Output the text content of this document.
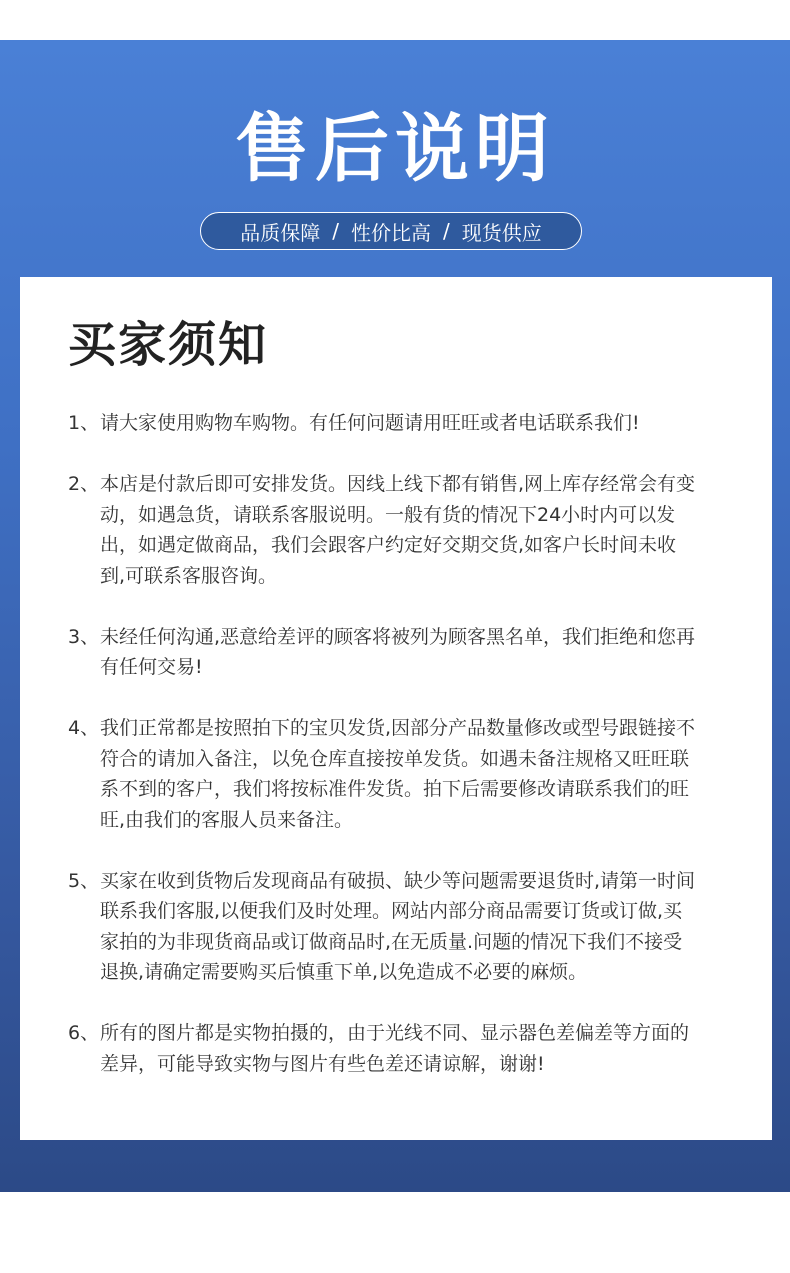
售后说明
品质保障 / 性价比高 / 现货供应
买家须知
1、 请大家使用购物车购物。有任何问题请用旺旺或者电话联系我们!
2、 本店是付款后即可安排发货。因线上线下都有销售,网上库存经常会有变动，如遇急货，请联系客服说明。一般有货的情况下24小时内可以发出，如遇定做商品，我们会跟客户约定好交期交货,如客户长时间未收到,可联系客服咨询。
3、 未经任何沟通,恶意给差评的顾客将被列为顾客黑名单，我们拒绝和您再有任何交易!
4、 我们正常都是按照拍下的宝贝发货,因部分产品数量修改或型号跟链接不符合的请加入备注，以免仓库直接按单发货。如遇未备注规格又旺旺联系不到的客户，我们将按标准件发货。拍下后需要修改请联系我们的旺旺,由我们的客服人员来备注。
5、 买家在收到货物后发现商品有破损、缺少等问题需要退货时,请第一时间联系我们客服,以便我们及时处理。网站内部分商品需要订货或订做,买家拍的为非现货商品或订做商品时,在无质量.问题的情况下我们不接受退换,请确定需要购买后慎重下单,以免造成不必要的麻烦。
6、 所有的图片都是实物拍摄的，由于光线不同、显示器色差偏差等方面的差异，可能导致实物与图片有些色差还请谅解，谢谢!
